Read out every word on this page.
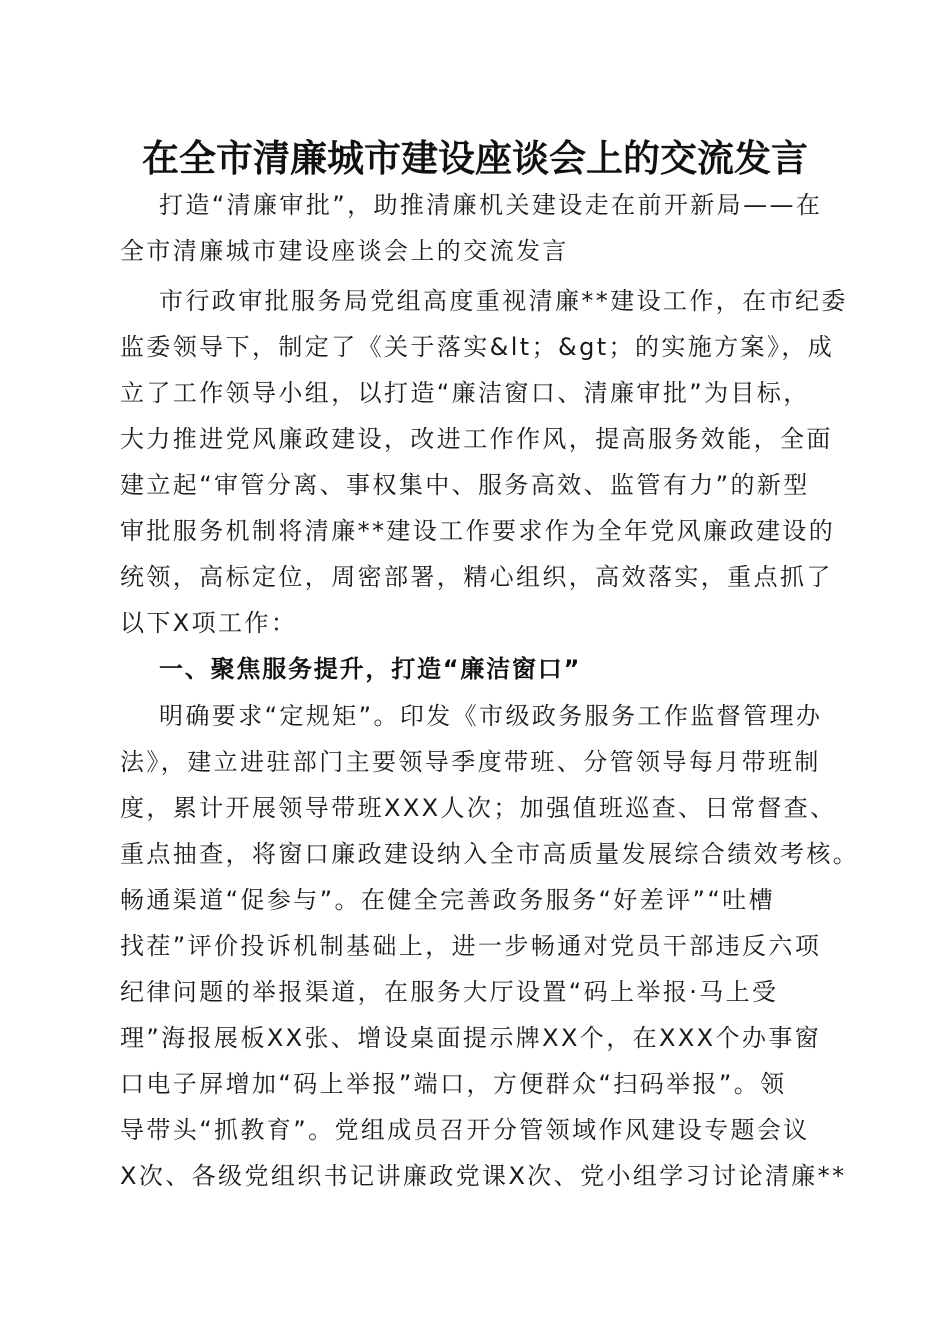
在全市清廉城市建设座谈会上的交流发言
打造“清廉审批”，助推清廉机关建设走在前开新局——在
全市清廉城市建设座谈会上的交流发言
市行政审批服务局党组高度重视清廉**建设工作，在市纪委
监委领导下，制定了《关于落实&lt；&gt；的实施方案》，成
立了工作领导小组，以打造“廉洁窗口、清廉审批”为目标，
大力推进党风廉政建设，改进工作作风，提高服务效能，全面
建立起“审管分离、事权集中、服务高效、监管有力”的新型
审批服务机制将清廉**建设工作要求作为全年党风廉政建设的
统领，高标定位，周密部署，精心组织，高效落实，重点抓了
以下X项工作：
一、聚焦服务提升，打造“廉洁窗口”
明确要求“定规矩”。印发《市级政务服务工作监督管理办
法》，建立进驻部门主要领导季度带班、分管领导每月带班制
度，累计开展领导带班XXX人次；加强值班巡查、日常督查、
重点抽查，将窗口廉政建设纳入全市高质量发展综合绩效考核。
畅通渠道“促参与”。在健全完善政务服务“好差评”“吐槽
找茬”评价投诉机制基础上，进一步畅通对党员干部违反六项
纪律问题的举报渠道，在服务大厅设置“码上举报·马上受
理”海报展板XX张、增设桌面提示牌XX个，在XXX个办事窗
口电子屏增加“码上举报”端口，方便群众“扫码举报”。领
导带头“抓教育”。党组成员召开分管领域作风建设专题会议
X次、各级党组织书记讲廉政党课X次、党小组学习讨论清廉**
